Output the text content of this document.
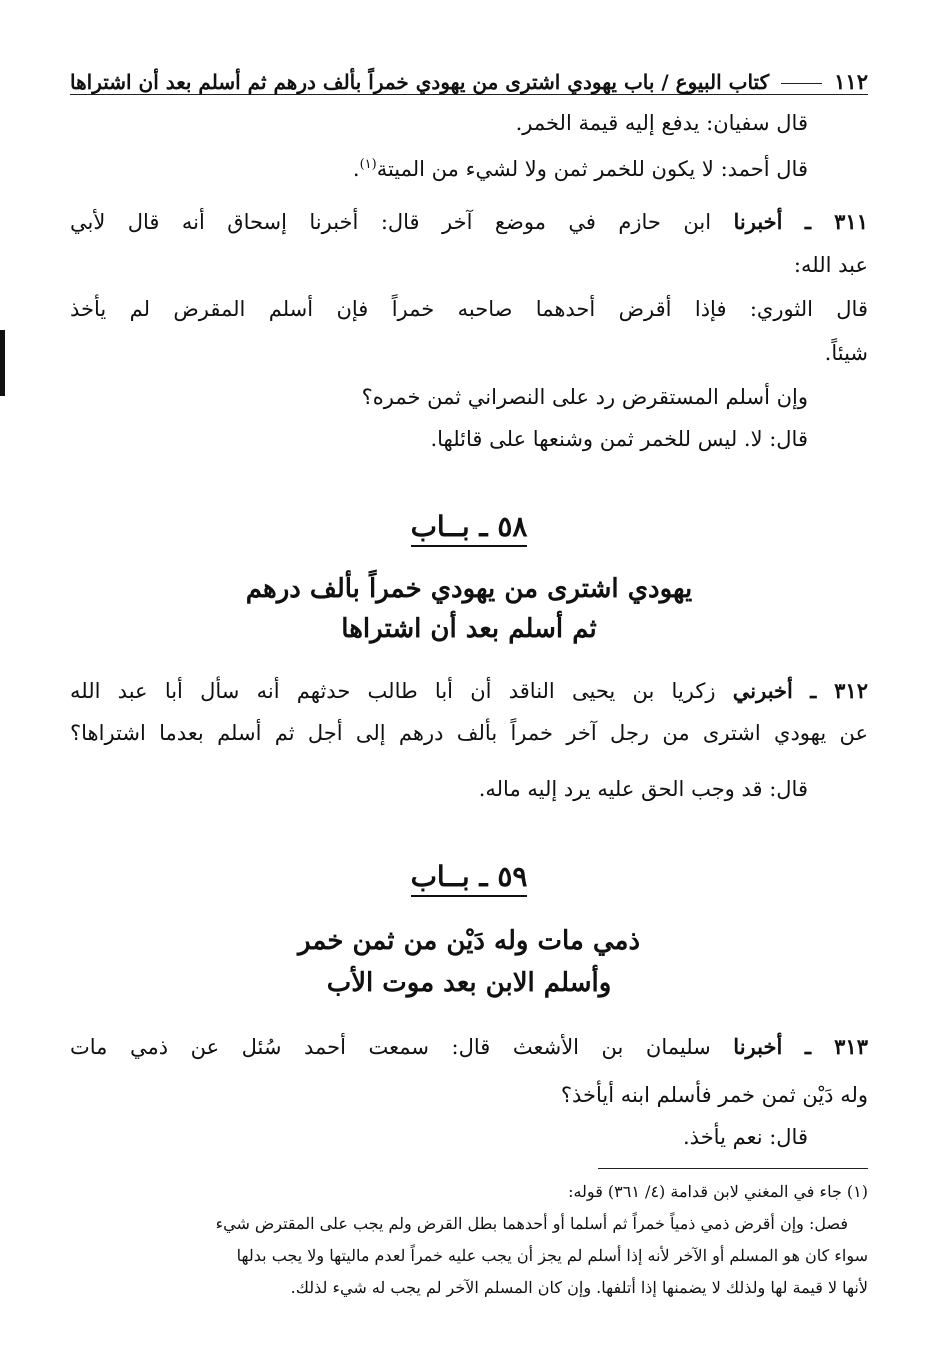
١١٢
كتاب البيوع / باب يهودي اشترى من يهودي خمراً بألف درهم ثم أسلم بعد أن اشتراها
قال سفيان: يدفع إليه قيمة الخمر.
قال أحمد: لا يكون للخمر ثمن ولا لشيء من الميتة$^{(١)}$.
٣١١ ـ أخبرنا ابن حازم في موضع آخر قال: أخبرنا إسحاق أنه قال لأبي
عبد الله:
قال الثوري: فإذا أقرض أحدهما صاحبه خمراً فإن أسلم المقرض لم يأخذ
شيئاً.
وإن أسلم المستقرض رد على النصراني ثمن خمره؟
قال: لا. ليس للخمر ثمن وشنعها على قائلها.
٥٨ ـ بــاب
يهودي اشترى من يهودي خمراً بألف درهم
ثم أسلم بعد أن اشتراها
٣١٢ ـ أخبرني زكريا بن يحيى الناقد أن أبا طالب حدثهم أنه سأل أبا عبد الله
عن يهودي اشترى من رجل آخر خمراً بألف درهم إلى أجل ثم أسلم بعدما اشتراها؟
قال: قد وجب الحق عليه يرد إليه ماله.
٥٩ ـ بــاب
ذمي مات وله دَيْن من ثمن خمر
وأسلم الابن بعد موت الأب
٣١٣ ـ أخبرنا سليمان بن الأشعث قال: سمعت أحمد سُئل عن ذمي مات
وله دَيْن ثمن خمر فأسلم ابنه أيأخذ؟
قال: نعم يأخذ.
(١) جاء في المغني لابن قدامة (٤/ ٣٦١) قوله:
فصل: وإن أقرض ذمي ذمياً خمراً ثم أسلما أو أحدهما بطل القرض ولم يجب على المقترض شيء
سواء كان هو المسلم أو الآخر لأنه إذا أسلم لم يجز أن يجب عليه خمراً لعدم ماليتها ولا يجب بدلها
لأنها لا قيمة لها ولذلك لا يضمنها إذا أتلفها. وإن كان المسلم الآخر لم يجب له شيء لذلك.
